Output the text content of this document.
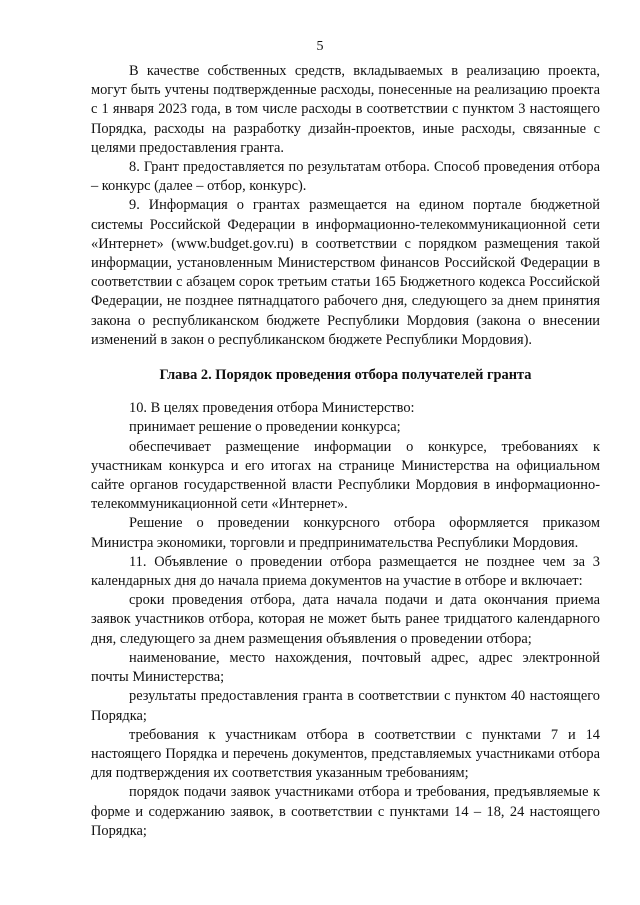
5

В качестве собственных средств, вкладываемых в реализацию проекта, могут быть учтены подтвержденные расходы, понесенные на реализацию проекта с 1 января 2023 года, в том числе расходы в соответствии с пунктом 3 настоящего Порядка, расходы на разработку дизайн-проектов, иные расходы, связанные с целями предоставления гранта.

8. Грант предоставляется по результатам отбора. Способ проведения отбора – конкурс (далее – отбор, конкурс).

9. Информация о грантах размещается на едином портале бюджетной системы Российской Федерации в информационно-телекоммуникационной сети «Интернет» (www.budget.gov.ru) в соответствии с порядком размещения такой информации, установленным Министерством финансов Российской Федерации в соответствии с абзацем сорок третьим статьи 165 Бюджетного кодекса Российской Федерации, не позднее пятнадцатого рабочего дня, следующего за днем принятия закона о республиканском бюджете Республики Мордовия (закона о внесении изменений в закон о республиканском бюджете Республики Мордовия).

Глава 2. Порядок проведения отбора получателей гранта

10. В целях проведения отбора Министерство:

принимает решение о проведении конкурса;

обеспечивает размещение информации о конкурсе, требованиях к участникам конкурса и его итогах на странице Министерства на официальном сайте органов государственной власти Республики Мордовия в информационно-телекоммуникационной сети «Интернет».

Решение о проведении конкурсного отбора оформляется приказом Министра экономики, торговли и предпринимательства Республики Мордовия.

11. Объявление о проведении отбора размещается не позднее чем за 3 календарных дня до начала приема документов на участие в отборе и включает:

сроки проведения отбора, дата начала подачи и дата окончания приема заявок участников отбора, которая не может быть ранее тридцатого календарного дня, следующего за днем размещения объявления о проведении отбора;

наименование, место нахождения, почтовый адрес, адрес электронной почты Министерства;

результаты предоставления гранта в соответствии с пунктом 40 настоящего Порядка;

требования к участникам отбора в соответствии с пунктами 7 и 14 настоящего Порядка и перечень документов, представляемых участниками отбора для подтверждения их соответствия указанным требованиям;

порядок подачи заявок участниками отбора и требования, предъявляемые к форме и содержанию заявок, в соответствии с пунктами 14 – 18, 24 настоящего Порядка;
